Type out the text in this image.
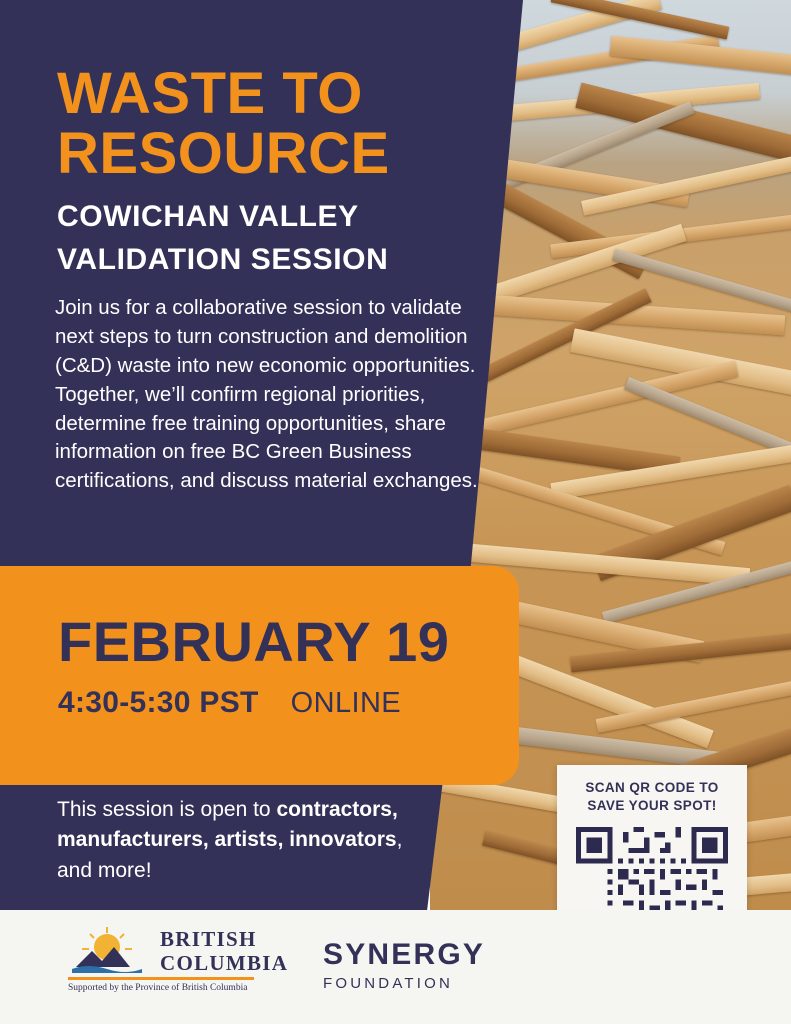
WASTE TO RESOURCE
COWICHAN VALLEY
VALIDATION SESSION
Join us for a collaborative session to validate next steps to turn construction and demolition (C&D) waste into new economic opportunities. Together, we’ll confirm regional priorities, determine free training opportunities, share information on free BC Green Business certifications, and discuss material exchanges.
FEBRUARY 19
4:30-5:30 PST ONLINE
This session is open to contractors, manufacturers, artists, innovators, and more!
SCAN QR CODE TO
SAVE YOUR SPOT!
BRITISH
COLUMBIA
Supported by the Province of British Columbia
SYNERGY
FOUNDATION
